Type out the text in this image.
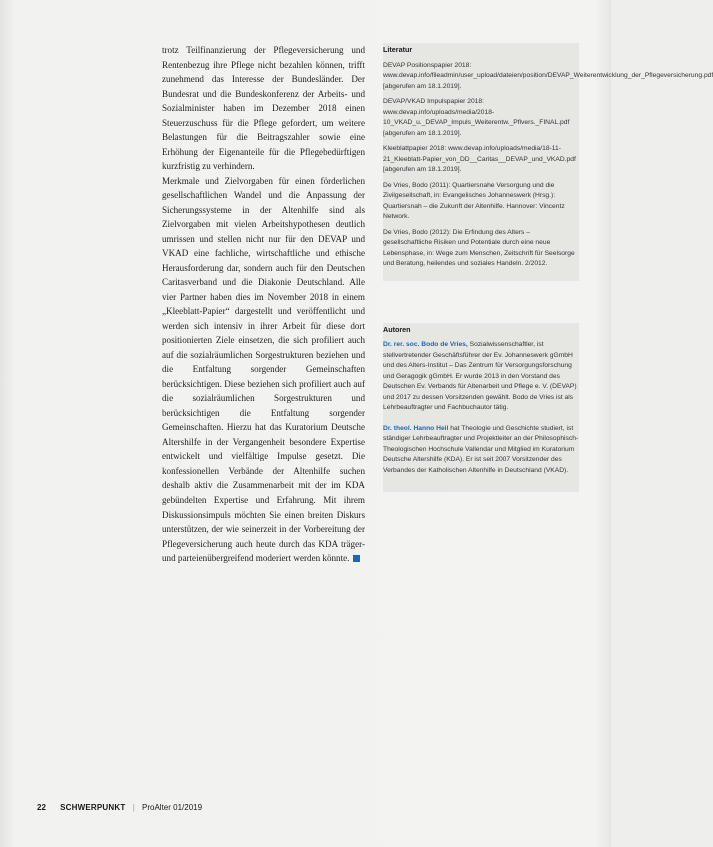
trotz Teilfinanzierung der Pflegeversicherung und Rentenbezug ihre Pflege nicht bezahlen können, trifft zunehmend das Interesse der Bundesländer. Der Bundesrat und die Bundeskonferenz der Arbeits- und Sozialminister haben im Dezember 2018 einen Steuerzuschuss für die Pflege gefordert, um weitere Belastungen für die Beitragszahler sowie eine Erhöhung der Eigenanteile für die Pflegebedürftigen kurzfristig zu verhindern.

Merkmale und Zielvorgaben für einen förderlichen gesellschaftlichen Wandel und die Anpassung der Sicherungssysteme in der Altenhilfe sind als Zielvorgaben mit vielen Arbeitshypothesen deutlich umrissen und stellen nicht nur für den DEVAP und VKAD eine fachliche, wirtschaftliche und ethische Herausforderung dar, sondern auch für den Deutschen Caritasverband und die Diakonie Deutschland. Alle vier Partner haben dies im November 2018 in einem „Kleeblatt-Papier“ dargestellt und veröffentlicht und werden sich intensiv in ihrer Arbeit für diese dort positionierten Ziele einsetzen, die sich profiliert auch auf die sozialräumlichen Sorgestrukturen beziehen und die Entfaltung sorgender Gemeinschaften berücksichtigen. Diese beziehen sich profiliert auch auf die sozialräumlichen Sorgestrukturen und berücksichtigen die Entfaltung sorgender Gemeinschaften. Hierzu hat das Kuratorium Deutsche Altershilfe in der Vergangenheit besondere Expertise entwickelt und vielfältige Impulse gesetzt. Die konfessionellen Verbände der Altenhilfe suchen deshalb aktiv die Zusammenarbeit mit der im KDA gebündelten Expertise und Erfahrung. Mit ihrem Diskussionsimpuls möchten Sie einen breiten Diskurs unterstützen, der wie seinerzeit in der Vorbereitung der Pflegeversicherung auch heute durch das KDA träger- und parteienübergreifend moderiert werden könnte.

Literatur

DEVAP Positionspapier 2018: www.devap.info/fileadmin/user_upload/dateien/position/DEVAP_Weiterentwicklung_der_Pflegeversicherung.pdf [abgerufen am 18.1.2019].

DEVAP/VKAD Impulspapier 2018: www.devap.info/uploads/media/2018-10_VKAD_u._DEVAP_Impuls_Weiterentw._Pflvers._FINAL.pdf [abgerufen am 18.1.2019].

Kleeblattpapier 2018: www.devap.info/uploads/media/18-11-21_Kleeblatt-Papier_von_DD__Caritas__DEVAP_und_VKAD.pdf [abgerufen am 18.1.2019].

De Vries, Bodo (2011): Quartiersnahe Versorgung und die Zivilgesellschaft, in: Evangelisches Johanneswerk (Hrsg.): Quartiersnah – die Zukunft der Altenhilfe. Hannover: Vincentz Network.

De Vries, Bodo (2012): Die Erfindung des Alters – gesellschaftliche Risiken und Potentiale durch eine neue Lebensphase, in: Wege zum Menschen, Zeitschrift für Seelsorge und Beratung, heilendes und soziales Handeln. 2/2012.

Autoren

Dr. rer. soc. Bodo de Vries, Sozialwissenschaftler, ist stellvertretender Geschäftsführer der Ev. Johanneswerk gGmbH und des Alters-Institut – Das Zentrum für Versorgungsforschung und Geragogik gGmbH. Er wurde 2013 in den Vorstand des Deutschen Ev. Verbands für Altenarbeit und Pflege e. V. (DEVAP) und 2017 zu dessen Vorsitzenden gewählt. Bodo de Vries ist als Lehrbeauftragter und Fachbuchautor tätig.

Dr. theol. Hanno Heil hat Theologie und Geschichte studiert, ist ständiger Lehrbeauftragter und Projektleiter an der Philosophisch-Theologischen Hochschule Vallendar und Mitglied im Kuratorium Deutsche Altershilfe (KDA). Er ist seit 2007 Vorsitzender des Verbandes der Katholischen Altenhilfe in Deutschland (VKAD).

22 SCHWERPUNKT | ProAlter 01/2019
